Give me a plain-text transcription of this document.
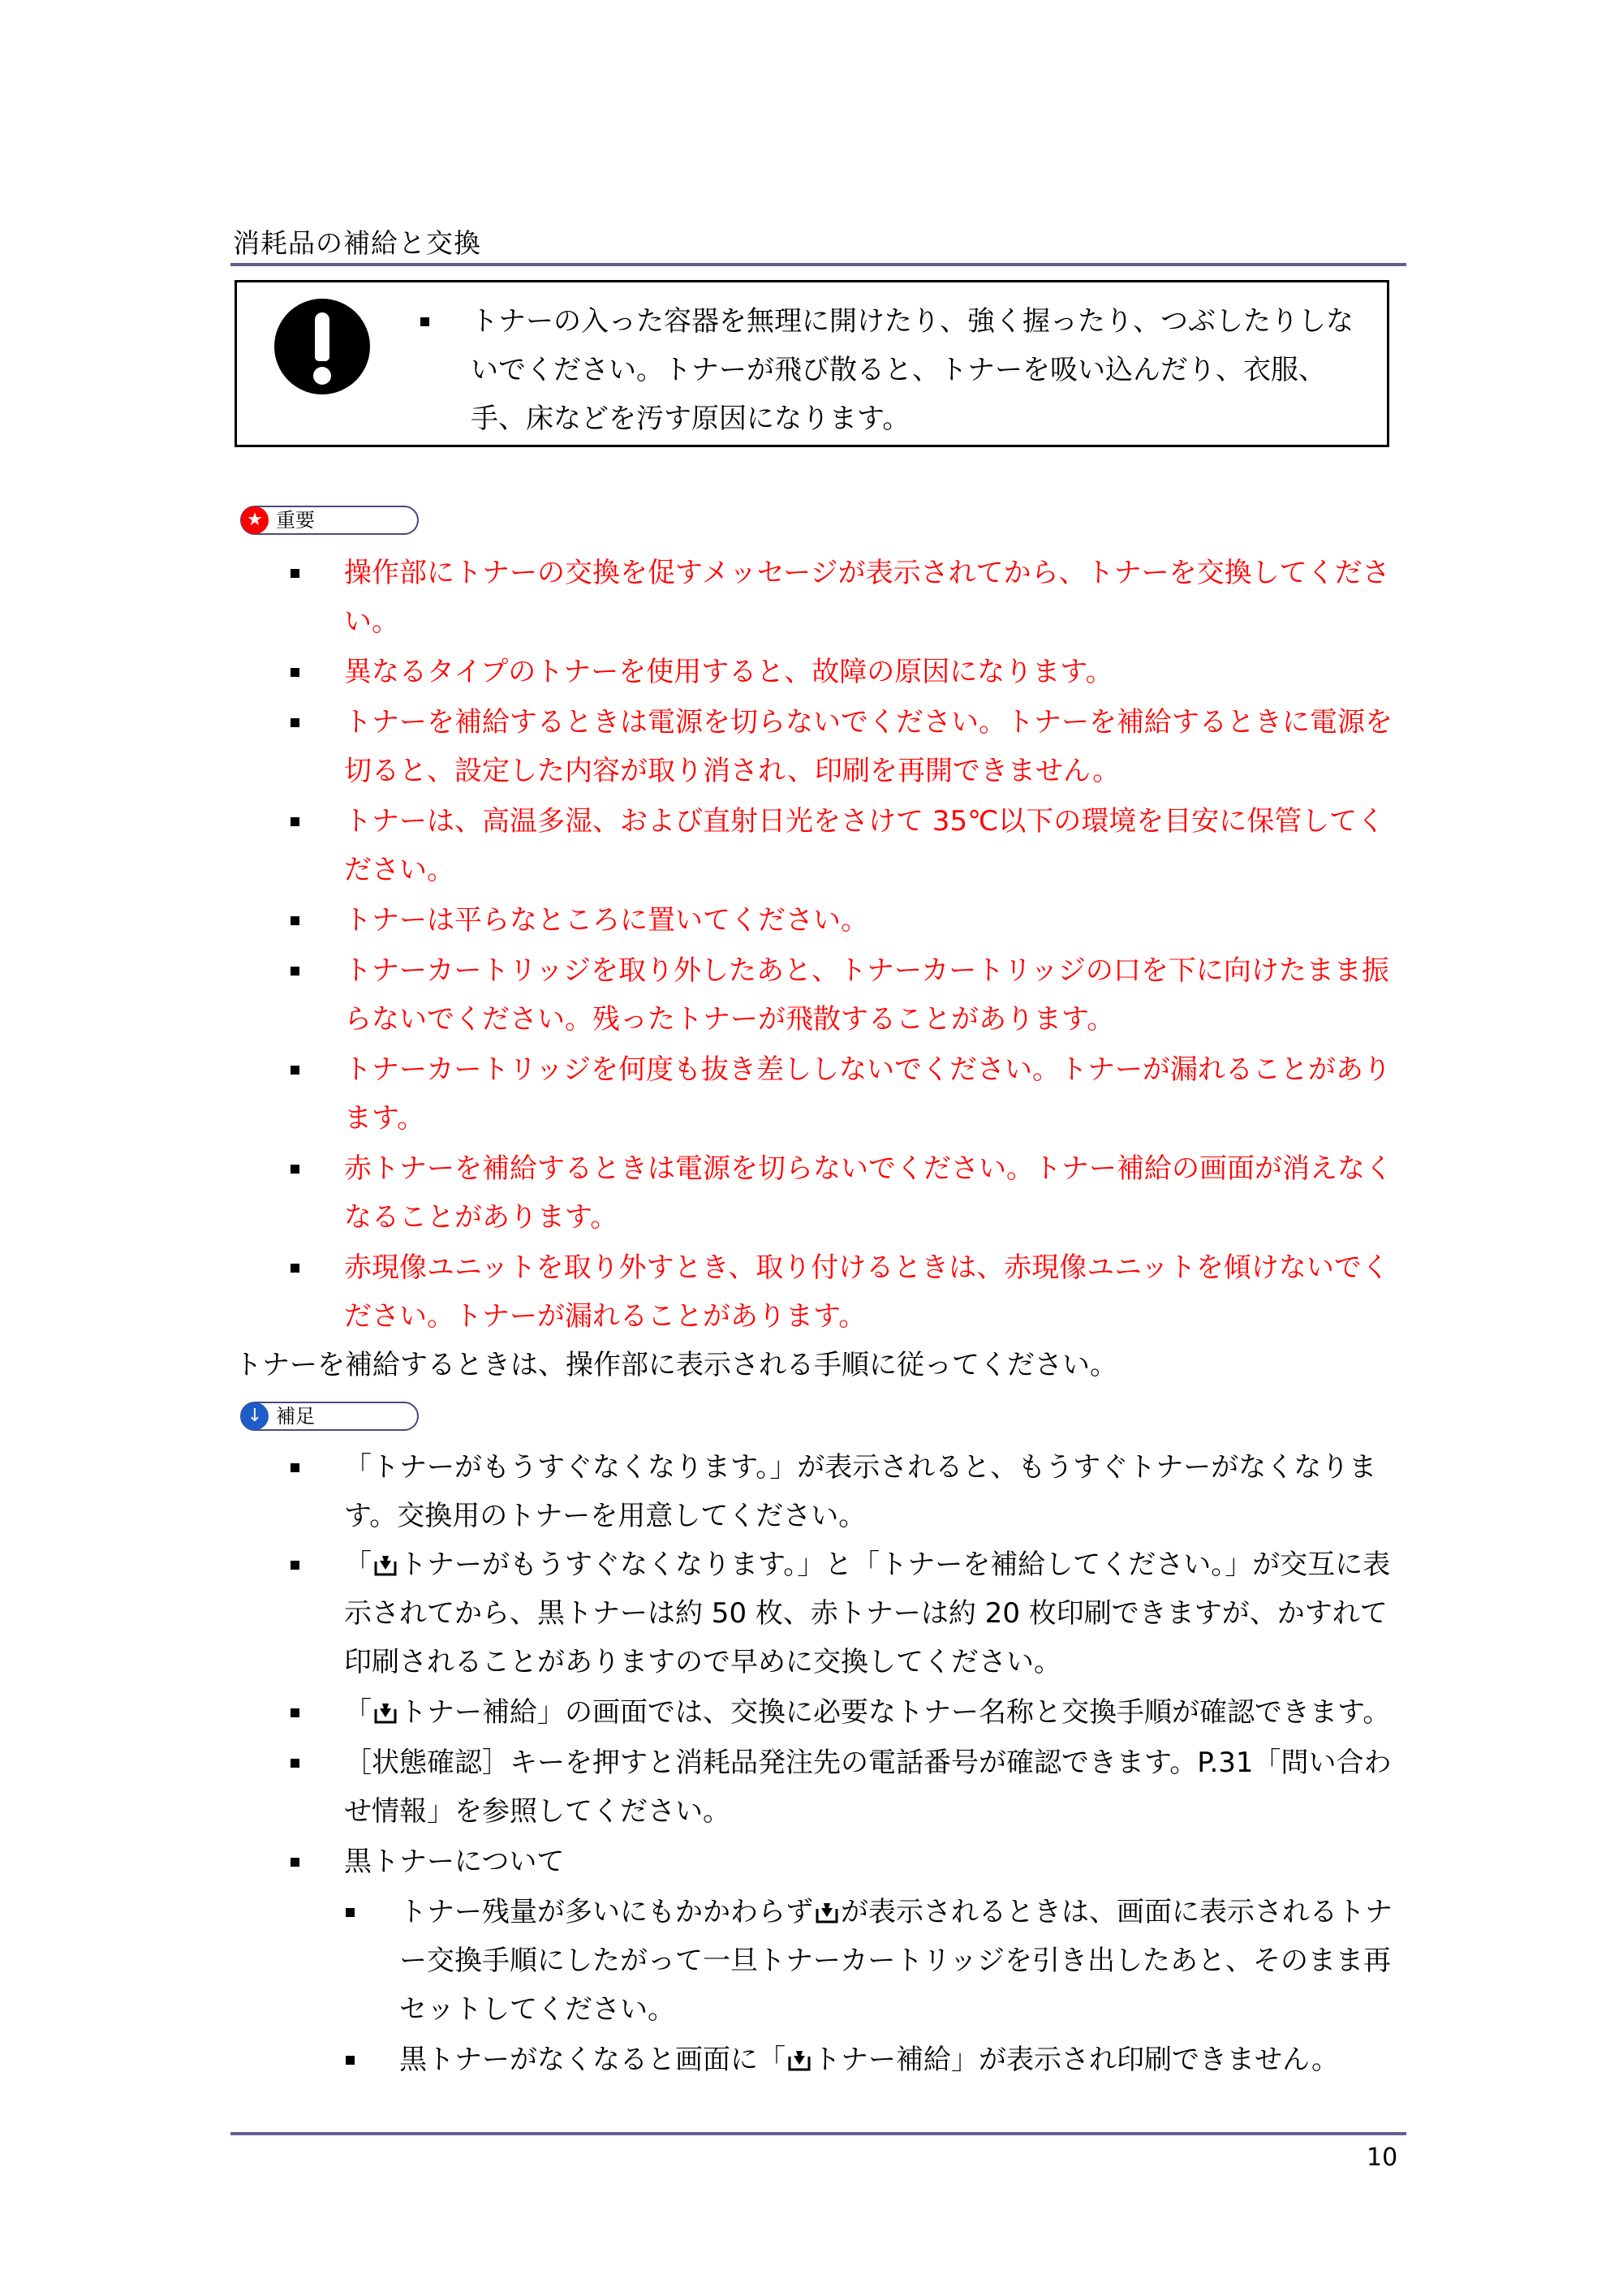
消耗品の補給と交換
トナーの入った容器を無理に開けたり、強く握ったり、つぶしたりしないでください。トナーが飛び散ると、トナーを吸い込んだり、衣服、手、床などを汚す原因になります。
★ 重要
操作部にトナーの交換を促すメッセージが表示されてから、トナーを交換してください。
異なるタイプのトナーを使用すると、故障の原因になります。
トナーを補給するときは電源を切らないでください。トナーを補給するときに電源を切ると、設定した内容が取り消され、印刷を再開できません。
トナーは、高温多湿、および直射日光をさけて 35℃以下の環境を目安に保管してください。
トナーは平らなところに置いてください。
トナーカートリッジを取り外したあと、トナーカートリッジの口を下に向けたまま振らないでください。残ったトナーが飛散することがあります。
トナーカートリッジを何度も抜き差ししないでください。トナーが漏れることがあります。
赤トナーを補給するときは電源を切らないでください。トナー補給の画面が消えなくなることがあります。
赤現像ユニットを取り外すとき、取り付けるときは、赤現像ユニットを傾けないでください。トナーが漏れることがあります。
トナーを補給するときは、操作部に表示される手順に従ってください。
↓ 補足
「トナーがもうすぐなくなります。」が表示されると、もうすぐトナーがなくなります。交換用のトナーを用意してください。
「 トナーがもうすぐなくなります。」と「トナーを補給してください。」が交互に表示されてから、黒トナーは約 50 枚、赤トナーは約 20 枚印刷できますが、かすれて印刷されることがありますので早めに交換してください。
「 トナー補給」の画面では、交換に必要なトナー名称と交換手順が確認できます。
［状態確認］キーを押すと消耗品発注先の電話番号が確認できます。P.31「問い合わせ情報」を参照してください。
黒トナーについて
トナー残量が多いにもかかわらず が表示されるときは、画面に表示されるトナー交換手順にしたがって一旦トナーカートリッジを引き出したあと、そのまま再セットしてください。
黒トナーがなくなると画面に「 トナー補給」が表示され印刷できません。
10
